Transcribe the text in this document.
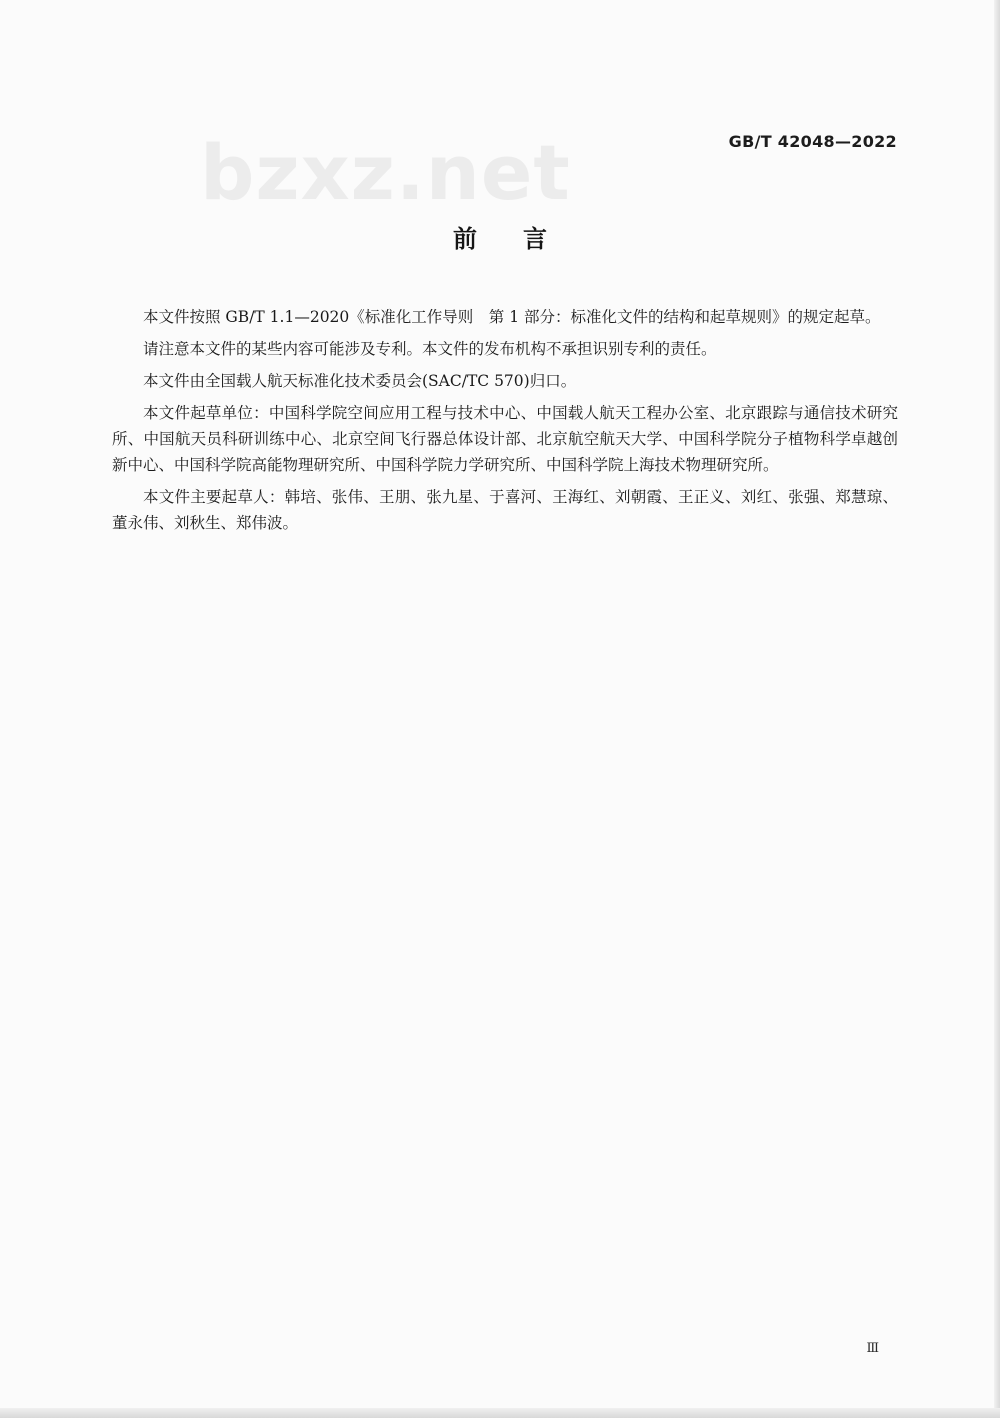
bzxz.net	GB/T 42048—2022
前言

本文件按照 GB/T 1.1—2020《标准化工作导则　第 1 部分：标准化文件的结构和起草规则》的规定起草。

请注意本文件的某些内容可能涉及专利。本文件的发布机构不承担识别专利的责任。

本文件由全国载人航天标准化技术委员会(SAC/TC 570)归口。

本文件起草单位：中国科学院空间应用工程与技术中心、中国载人航天工程办公室、北京跟踪与通信技术研究所、中国航天员科研训练中心、北京空间飞行器总体设计部、北京航空航天大学、中国科学院分子植物科学卓越创新中心、中国科学院高能物理研究所、中国科学院力学研究所、中国科学院上海技术物理研究所。

本文件主要起草人：韩培、张伟、王朋、张九星、于喜河、王海红、刘朝霞、王正义、刘红、张强、郑慧琼、董永伟、刘秋生、郑伟波。

Ⅲ
